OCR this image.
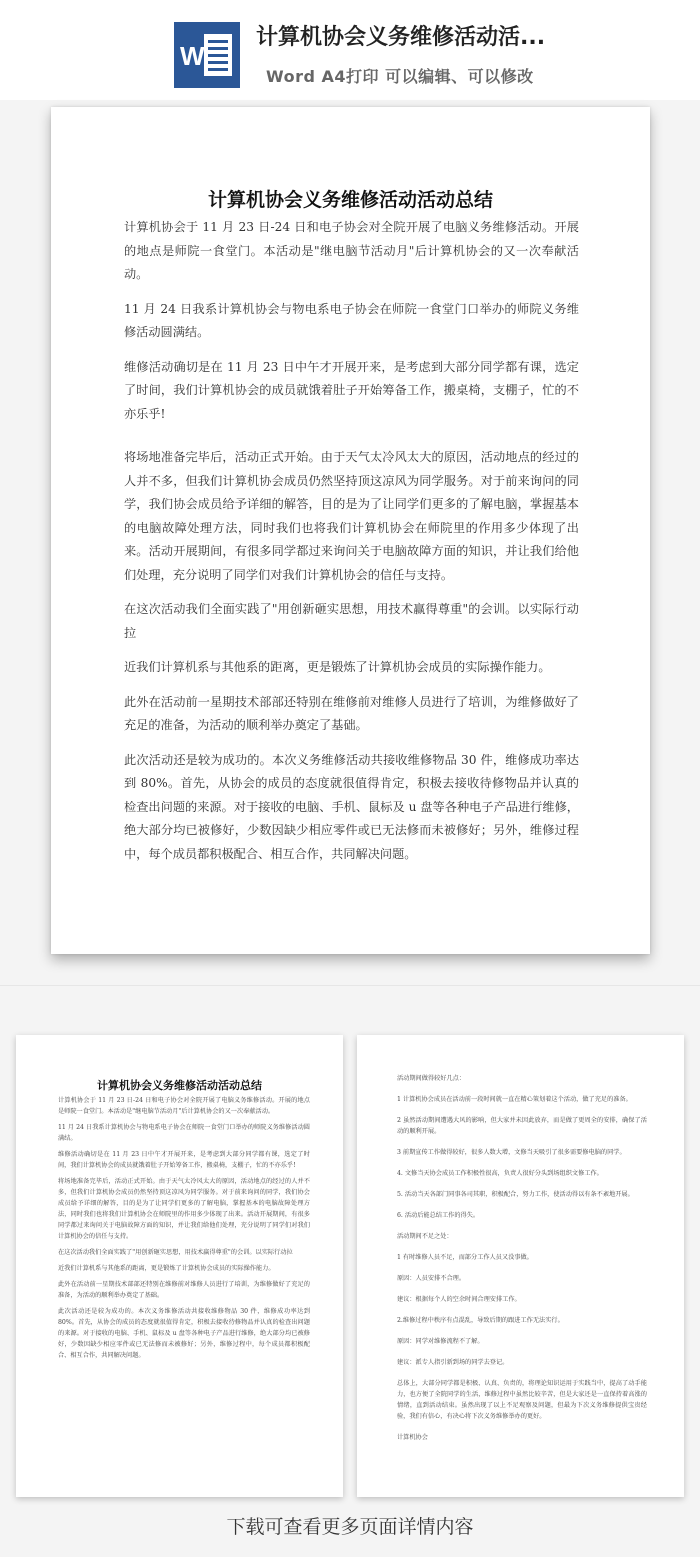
W
计算机协会义务维修活动活...
Word A4打印 可以编辑、可以修改
计算机协会义务维修活动活动总结

计算机协会于 11 月 23 日-24 日和电子协会对全院开展了电脑义务维修活动。开展的地点是师院一食堂门。本活动是"继电脑节活动月"后计算机协会的又一次奉献活动。

11 月 24 日我系计算机协会与物电系电子协会在师院一食堂门口举办的师院义务维修活动圆满结。

维修活动确切是在 11 月 23 日中午才开展开来，是考虑到大部分同学都有课，选定了时间，我们计算机协会的成员就饿着肚子开始筹备工作，搬桌椅，支棚子，忙的不亦乐乎!

将场地准备完毕后，活动正式开始。由于天气太冷风太大的原因，活动地点的经过的人并不多，但我们计算机协会成员仍然坚持顶这凉风为同学服务。对于前来询问的同学，我们协会成员给予详细的解答，目的是为了让同学们更多的了解电脑，掌握基本的电脑故障处理方法，同时我们也将我们计算机协会在师院里的作用多少体现了出来。活动开展期间，有很多同学都过来询问关于电脑故障方面的知识，并让我们给他们处理，充分说明了同学们对我们计算机协会的信任与支持。

在这次活动我们全面实践了"用创新砸实思想，用技术赢得尊重"的会训。以实际行动拉

近我们计算机系与其他系的距离，更是锻炼了计算机协会成员的实际操作能力。

此外在活动前一星期技术部部还特别在维修前对维修人员进行了培训，为维修做好了充足的准备，为活动的顺利举办奠定了基础。

此次活动还是较为成功的。本次义务维修活动共接收维修物品 30 件，维修成功率达到 80%。首先，从协会的成员的态度就很值得肯定，积极去接收待修物品并认真的检查出问题的来源。对于接收的电脑、手机、鼠标及 u 盘等各种电子产品进行维修，绝大部分均已被修好，少数因缺少相应零件或已无法修而未被修好；另外，维修过程中，每个成员都积极配合、相互合作，共同解决问题。

计算机协会义务维修活动活动总结

计算机协会于 11 月 23 日-24 日和电子协会对全院开展了电脑义务维修活动。开展的地点是师院一食堂门。本活动是"继电脑节活动月"后计算机协会的又一次奉献活动。

11 月 24 日我系计算机协会与物电系电子协会在师院一食堂门口举办的师院义务维修活动圆满结。

维修活动确切是在 11 月 23 日中午才开展开来，是考虑到大部分同学都有课，选定了时间，我们计算机协会的成员就饿着肚子开始筹备工作，搬桌椅，支棚子，忙的不亦乐乎!

将场地准备完毕后，活动正式开始。由于天气太冷风太大的原因，活动地点的经过的人并不多，但我们计算机协会成员仍然坚持顶这凉风为同学服务。对于前来询问的同学，我们协会成员给予详细的解答，目的是为了让同学们更多的了解电脑，掌握基本的电脑故障处理方法，同时我们也将我们计算机协会在师院里的作用多少体现了出来。活动开展期间，有很多同学都过来询问关于电脑故障方面的知识，并让我们给他们处理，充分说明了同学们对我们计算机协会的信任与支持。

在这次活动我们全面实践了"用创新砸实思想，用技术赢得尊重"的会训。以实际行动拉

近我们计算机系与其他系的距离，更是锻炼了计算机协会成员的实际操作能力。

此外在活动前一星期技术部部还特别在维修前对维修人员进行了培训，为维修做好了充足的准备，为活动的顺利举办奠定了基础。

此次活动还是较为成功的。本次义务维修活动共接收维修物品 30 件，维修成功率达到 80%。首先，从协会的成员的态度就很值得肯定，积极去接收待修物品并认真的检查出问题的来源。对于接收的电脑、手机、鼠标及 u 盘等各种电子产品进行维修，绝大部分均已被修好，少数因缺少相应零件或已无法修而未被修好；另外，维修过程中，每个成员都积极配合、相互合作，共同解决问题。

活动期间做得较好几点：

1 计算机协会成员在活动前一段时间就一直在精心策划着这个活动，做了充足的准备。

2 虽然活动期间遭遇大风的影响，但大家并未因此放弃，而是做了更周全的安排，确保了活动的顺利开展。

3 前期宣传工作做得较好，很多人数大增，文修当天吸引了很多需要修电脑的同学。

4. 文修当天协会成员工作积极性很高，负责人很好分头到场组织文修工作。

5. 活动当天各部门同事各司其职，积极配合，努力工作，使活动得以有条不紊地开展。

6. 活动后能总结工作的得失。

活动期间不足之处：

1 有时维修人员不足，而部分工作人员又没事做。

原因：人员安排不合理。

建议：根据每个人的空余时间合理安排工作。

2.维修过程中秩序有点混乱，导致后期的跟进工作无法实行。

原因：同学对维修流程不了解。

建议：派专人指引新到场的同学去登记。

总体上，大部分同学都是积极、认真、负责的，将理论知识运用于实践当中，提高了动手能力，也方便了全院同学的生活，维修过程中虽然比较辛苦，但是大家还是一直保持着高涨的情绪，直到活动结束。虽然出现了以上不足观察及问题，但最为下次义务维修提供宝贵经验，我们有信心，有决心将下次义务维修举办的更好。

计算机协会

下载可查看更多页面详情内容
